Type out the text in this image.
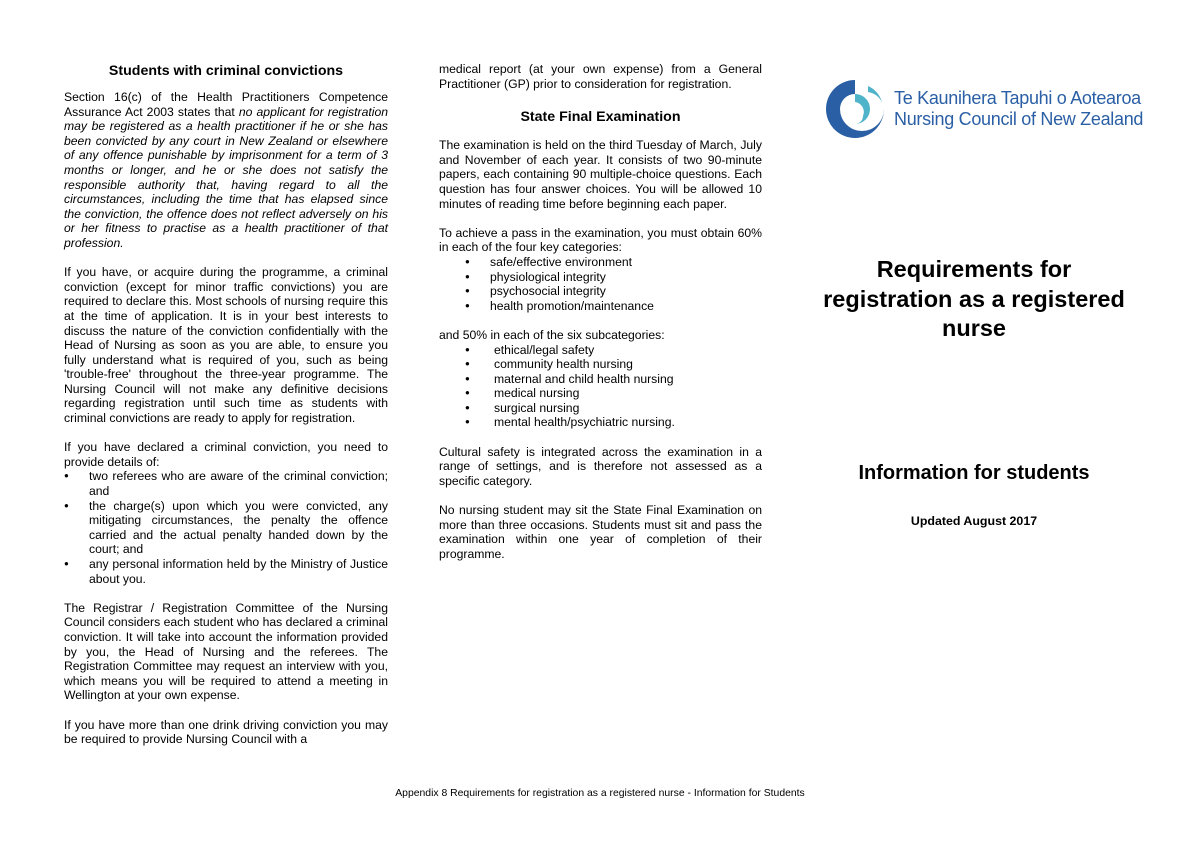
Students with criminal convictions

Section 16(c) of the Health Practitioners Competence Assurance Act 2003 states that no applicant for registration may be registered as a health practitioner if he or she has been convicted by any court in New Zealand or elsewhere of any offence punishable by imprisonment for a term of 3 months or longer, and he or she does not satisfy the responsible authority that, having regard to all the circumstances, including the time that has elapsed since the conviction, the offence does not reflect adversely on his or her fitness to practise as a health practitioner of that profession.

If you have, or acquire during the programme, a criminal conviction (except for minor traffic convictions) you are required to declare this. Most schools of nursing require this at the time of application. It is in your best interests to discuss the nature of the conviction confidentially with the Head of Nursing as soon as you are able, to ensure you fully understand what is required of you, such as being 'trouble-free' throughout the three-year programme. The Nursing Council will not make any definitive decisions regarding registration until such time as students with criminal convictions are ready to apply for registration.

If you have declared a criminal conviction, you need to provide details of:

● two referees who are aware of the criminal conviction; and
● the charge(s) upon which you were convicted, any mitigating circumstances, the penalty the offence carried and the actual penalty handed down by the court; and
● any personal information held by the Ministry of Justice about you.

The Registrar / Registration Committee of the Nursing Council considers each student who has declared a criminal conviction. It will take into account the information provided by you, the Head of Nursing and the referees. The Registration Committee may request an interview with you, which means you will be required to attend a meeting in Wellington at your own expense.

If you have more than one drink driving conviction you may be required to provide Nursing Council with a

medical report (at your own expense) from a General Practitioner (GP) prior to consideration for registration.

State Final Examination

The examination is held on the third Tuesday of March, July and November of each year. It consists of two 90-minute papers, each containing 90 multiple-choice questions. Each question has four answer choices. You will be allowed 10 minutes of reading time before beginning each paper.

To achieve a pass in the examination, you must obtain 60% in each of the four key categories:

● safe/effective environment
● physiological integrity
● psychosocial integrity
● health promotion/maintenance

and 50% in each of the six subcategories:

● ethical/legal safety
● community health nursing
● maternal and child health nursing
● medical nursing
● surgical nursing
● mental health/psychiatric nursing.

Cultural safety is integrated across the examination in a range of settings, and is therefore not assessed as a specific category.

No nursing student may sit the State Final Examination on more than three occasions. Students must sit and pass the examination within one year of completion of their programme.

Te Kaunihera Tapuhi o Aotearoa
Nursing Council of New Zealand
Requirements for registration as a registered nurse
Information for students
Updated August 2017
Appendix 8 Requirements for registration as a registered nurse - Information for Students
